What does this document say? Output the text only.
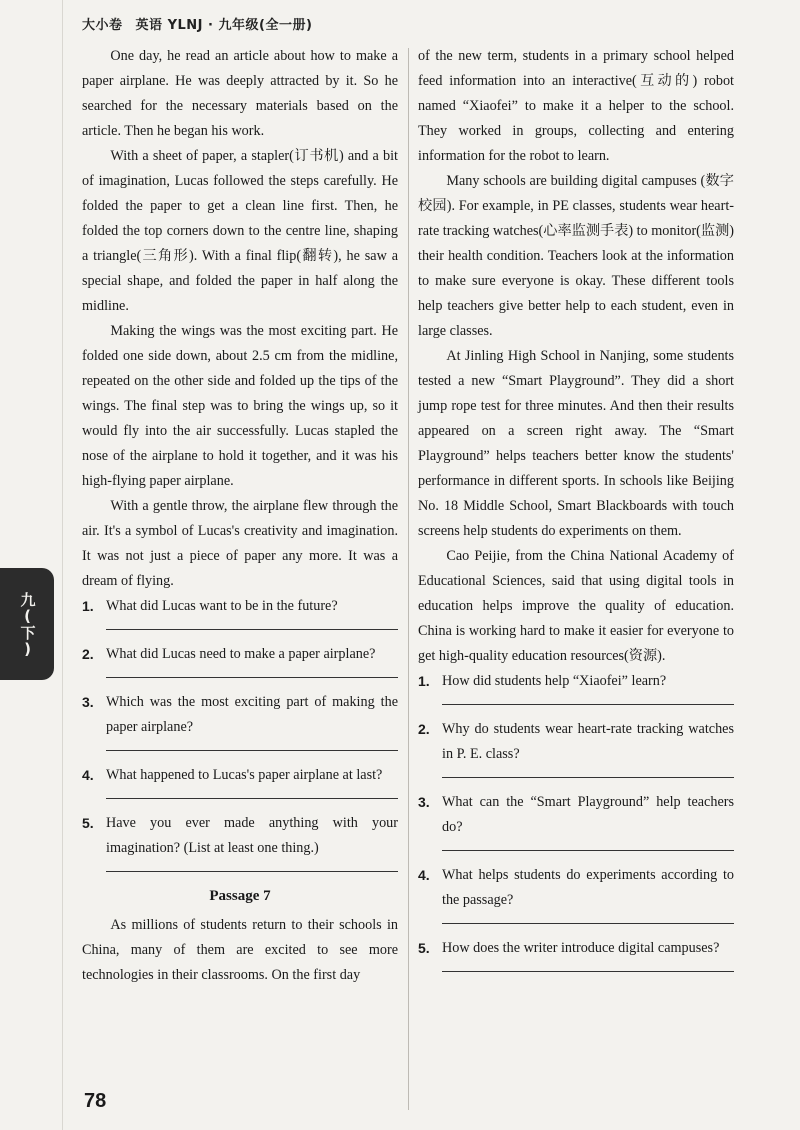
大小卷 英语 YLNJ · 九年级(全一册)
九(下)

One day, he read an article about how to make a paper airplane. He was deeply attracted by it. So he searched for the necessary materials based on the article. Then he began his work.

With a sheet of paper, a stapler(订书机) and a bit of imagination, Lucas followed the steps carefully. He folded the paper to get a clean line first. Then, he folded the top corners down to the centre line, shaping a triangle(三角形). With a final flip(翻转), he saw a special shape, and folded the paper in half along the midline.

Making the wings was the most exciting part. He folded one side down, about 2.5 cm from the midline, repeated on the other side and folded up the tips of the wings. The final step was to bring the wings up, so it would fly into the air successfully. Lucas stapled the nose of the airplane to hold it together, and it was his high-flying paper airplane.

With a gentle throw, the airplane flew through the air. It's a symbol of Lucas's creativity and imagination. It was not just a piece of paper any more. It was a dream of flying.

1. What did Lucas want to be in the future?
2. What did Lucas need to make a paper airplane?
3. Which was the most exciting part of making the paper airplane?
4. What happened to Lucas's paper airplane at last?
5. Have you ever made anything with your imagination? (List at least one thing.)
Passage 7

As millions of students return to their schools in China, many of them are excited to see more technologies in their classrooms. On the first day

of the new term, students in a primary school helped feed information into an interactive(互动的) robot named “Xiaofei” to make it a helper to the school. They worked in groups, collecting and entering information for the robot to learn.

Many schools are building digital campuses (数字校园). For example, in PE classes, students wear heart-rate tracking watches(心率监测手表) to monitor(监测) their health condition. Teachers look at the information to make sure everyone is okay. These different tools help teachers give better help to each student, even in large classes.

At Jinling High School in Nanjing, some students tested a new “Smart Playground”. They did a short jump rope test for three minutes. And then their results appeared on a screen right away. The “Smart Playground” helps teachers better know the students' performance in different sports. In schools like Beijing No. 18 Middle School, Smart Blackboards with touch screens help students do experiments on them.

Cao Peijie, from the China National Academy of Educational Sciences, said that using digital tools in education helps improve the quality of education. China is working hard to make it easier for everyone to get high-quality education resources(资源).

1. How did students help “Xiaofei” learn?
2. Why do students wear heart-rate tracking watches in P. E. class?
3. What can the “Smart Playground” help teachers do?
4. What helps students do experiments according to the passage?
5. How does the writer introduce digital campuses?
78
